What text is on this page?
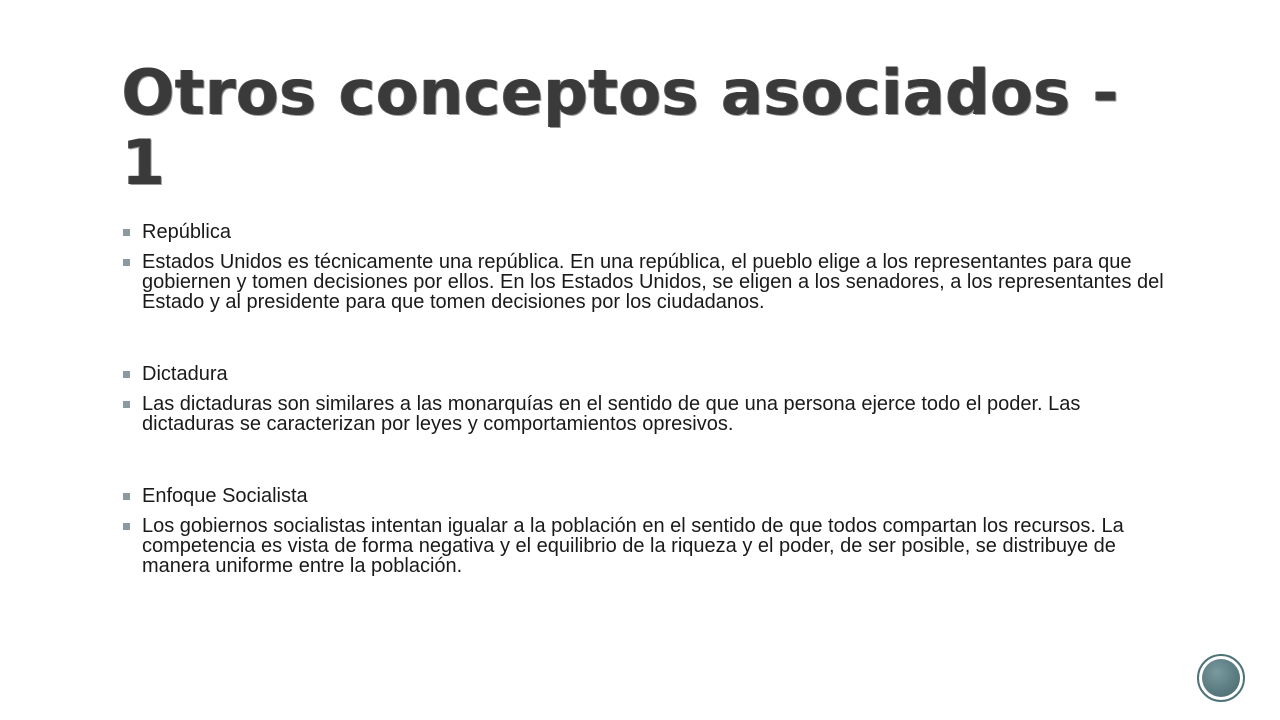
Otros conceptos asociados - 1
República
Estados Unidos es técnicamente una república. En una república, el pueblo elige a los representantes para que gobiernen y tomen decisiones por ellos. En los Estados Unidos, se eligen a los senadores, a los representantes del Estado y al presidente para que tomen decisiones por los ciudadanos.
Dictadura
Las dictaduras son similares a las monarquías en el sentido de que una persona ejerce todo el poder. Las dictaduras se caracterizan por leyes y comportamientos opresivos.
Enfoque Socialista
Los gobiernos socialistas intentan igualar a la población en el sentido de que todos compartan los recursos. La competencia es vista de forma negativa y el equilibrio de la riqueza y el poder, de ser posible, se distribuye de manera uniforme entre la población.
